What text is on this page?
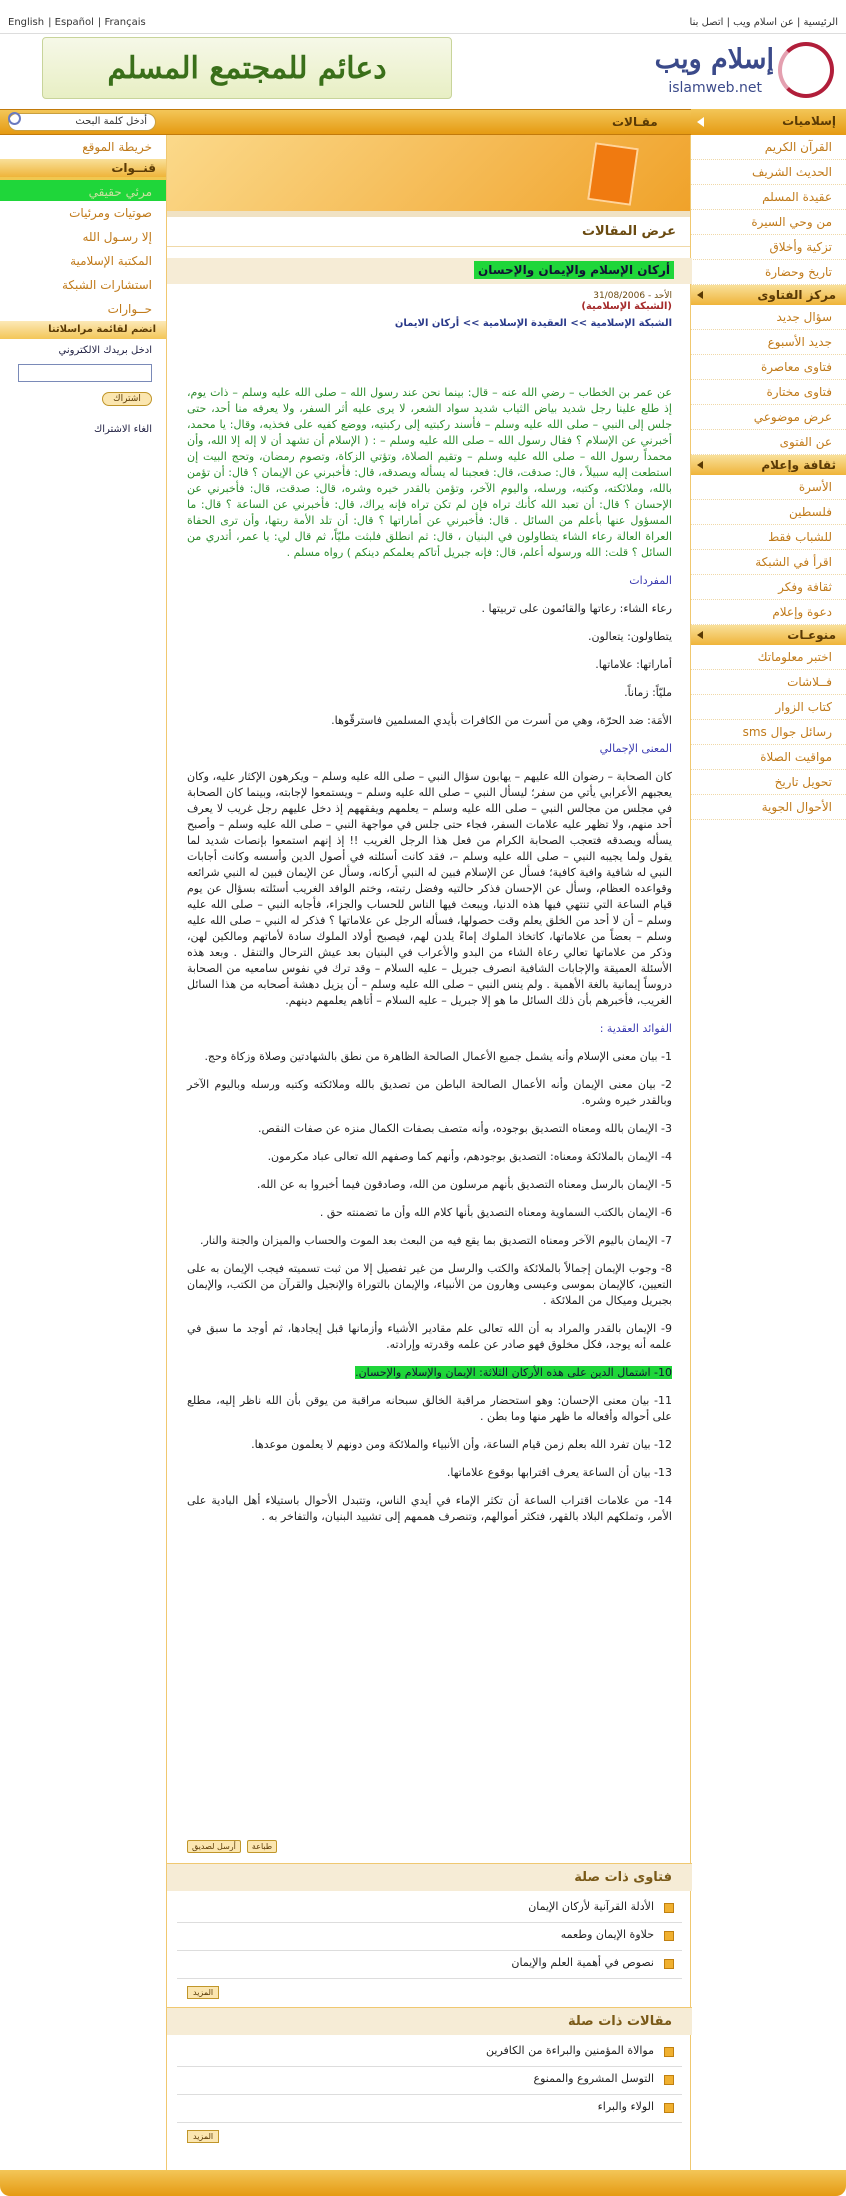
English | Español | Français	الرئيسية | عن اسلام ويب | اتصل بنا
دعائم للمجتمع المسلم	إسلام ويب
islamweb.net
أدخل كلمة البحث	مقـالات	إسلاميات
القرآن الكريم
الحديث الشريف
عقيدة المسلم
من وحي السيرة
تزكية وأخلاق
تاريخ وحضارة
مركز الفتاوى
سؤال جديد
جديد الأسبوع
فتاوى معاصرة
فتاوى مختارة
عرض موضوعي
عن الفتوى
ثقافة وإعلام
الأسرة
فلسطين
للشباب فقط
اقرأ في الشبكة
ثقافة وفكر
دعوة وإعلام
منوعـات
اختبر معلوماتك
فــلاشات
كتاب الزوار
رسائل جوال sms
مواقيت الصلاة
تحويل تاريخ
الأحوال الجوية
خريطة الموقع
قنــوات
مرئي حقيقي
صوتيات ومرئيات
إلا رسـول الله
المكتبة الإسلامية
استشارات الشبكة
حــوارات
انضم لقائمة مراسلاتنا
ادخل بريدك الالكتروني
اشتراك
الغاء الاشتراك
عرض المقالات
أركان الإسلام والإيمان والإحسان
الأحد - 31/08/2006
(الشبكة الإسلامية)
الشبكة الإسلامية >> العقيدة الإسلامية >> أركان الايمان

عن عمر بن الخطاب – رضي الله عنه – قال: بينما نحن عند رسول الله – صلى الله عليه وسلم – ذات يوم، إذ طلع علينا رجل شديد بياض الثياب شديد سواد الشعر، لا يرى عليه أثر السفر، ولا يعرفه منا أحد، حتى جلس إلى النبي – صلى الله عليه وسلم – فأسند ركبتيه إلى ركبتيه، ووضع كفيه على فخذيه، وقال: يا محمد، أخبرني عن الإسلام ؟ فقال رسول الله – صلى الله عليه وسلم – : ( الإسلام أن تشهد أن لا إله إلا الله، وأن محمداً رسول الله – صلى الله عليه وسلم – وتقيم الصلاة، وتؤتي الزكاة، وتصوم رمضان، وتحج البيت إن استطعت إليه سبيلاً ، قال: صدقت، قال: فعجبنا له يسأله ويصدقه، قال: فأخبرني عن الإيمان ؟ قال: أن تؤمن بالله، وملائكته، وكتبه، ورسله، واليوم الآخر، وتؤمن بالقدر خيره وشره، قال: صدقت، قال: فأخبرني عن الإحسان ؟ قال: أن تعبد الله كأنك تراه فإن لم تكن تراه فإنه يراك، قال: فأخبرني عن الساعة ؟ قال: ما المسؤول عنها بأعلم من السائل . قال: فأخبرني عن أماراتها ؟ قال: أن تلد الأمة ربتها، وأن ترى الحفاة العراة العالة رعاء الشاء يتطاولون في البنيان ، قال: ثم انطلق فلبثت مليّاً، ثم قال لي: يا عمر، أتدري من السائل ؟ قلت: الله ورسوله أعلم، قال: فإنه جبريل أتاكم يعلمكم دينكم ) رواه مسلم .

المفردات

رعاء الشاء: رعاتها والقائمون على تربيتها .

يتطاولون: يتعالون.

أماراتها: علاماتها.

مليّاً: زماناً.

الأمَة: ضد الحرّة، وهي من أسرت من الكافرات بأيدي المسلمين فاسترقّوها.

المعنى الإجمالي

كان الصحابة – رضوان الله عليهم – يهابون سؤال النبي – صلى الله عليه وسلم – ويكرهون الإكثار عليه، وكان يعجبهم الأعرابي يأتي من سفر؛ ليسأل النبي – صلى الله عليه وسلم – ويستمعوا لإجابته، وبينما كان الصحابة في مجلس من مجالس النبي – صلى الله عليه وسلم – يعلمهم ويفقههم إذ دخل عليهم رجل غريب لا يعرف أحد منهم، ولا تظهر عليه علامات السفر، فجاء حتى جلس في مواجهة النبي – صلى الله عليه وسلم – وأصبح يسأله ويصدقه فتعجب الصحابة الكرام من فعل هذا الرجل الغريب !! إذ إنهم استمعوا بإنصات شديد لما يقول ولما يجيبه النبي – صلى الله عليه وسلم –، فقد كانت أسئلته في أصول الدين وأسسه وكانت أجابات النبي له شافية وافية كافية؛ فسأل عن الإسلام فبين له النبي أركانه، وسأل عن الإيمان فبين له النبي شرائعه وقواعده العظام، وسأل عن الإحسان فذكر حالتيه وفضل رتبته، وختم الوافد الغريب أسئلته بسؤال عن يوم قيام الساعة التي تنتهي فيها هذه الدنيا، ويبعث فيها الناس للحساب والجزاء، فأجابه النبي – صلى الله عليه وسلم – أن لا أحد من الخلق يعلم وقت حصولها، فسأله الرجل عن علاماتها ؟ فذكر له النبي – صلى الله عليه وسلم – بعضاً من علاماتها، كاتخاذ الملوك إماءً يلدن لهم، فيصبح أولاد الملوك سادة لأماتهم ومالكين لهن، وذكر من علاماتها تعالي رعاة الشاء من البدو والأعراب في البنيان بعد عيش الترحال والتنقل . وبعد هذه الأسئلة العميقة والإجابات الشافية انصرف جبريل – عليه السلام – وقد ترك في نفوس سامعيه من الصحابة دروساً إيمانية بالغة الأهمية . ولم ينس النبي – صلى الله عليه وسلم – أن يزيل دهشة أصحابه من هذا السائل الغريب، فأخبرهم بأن ذلك السائل ما هو إلا جبريل – عليه السلام – أتاهم يعلمهم دينهم.

الفوائد العقدية :

1- بيان معنى الإسلام وأنه يشمل جميع الأعمال الصالحة الظاهرة من نطق بالشهادتين وصلاة وزكاة وحج.

2- بيان معنى الإيمان وأنه الأعمال الصالحة الباطن من تصديق بالله وملائكته وكتبه ورسله وباليوم الآخر وبالقدر خيره وشره.

3- الإيمان بالله ومعناه التصديق بوجوده، وأنه متصف بصفات الكمال منزه عن صفات النقص.

4- الإيمان بالملائكة ومعناه: التصديق بوجودهم، وأنهم كما وصفهم الله تعالى عباد مكرمون.

5- الإيمان بالرسل ومعناه التصديق بأنهم مرسلون من الله، وصادقون فيما أخبروا به عن الله.

6- الإيمان بالكتب السماوية ومعناه التصديق بأنها كلام الله وأن ما تضمنته حق .

7- الإيمان باليوم الآخر ومعناه التصديق بما يقع فيه من البعث بعد الموت والحساب والميزان والجنة والنار.

8- وجوب الإيمان إجمالاً بالملائكة والكتب والرسل من غير تفصيل إلا من ثبت تسميته فيجب الإيمان به على التعيين، كالإيمان بموسى وعيسى وهارون من الأنبياء، والإيمان بالتوراة والإنجيل والقرآن من الكتب، والإيمان بجبريل وميكال من الملائكة .

9- الإيمان بالقدر والمراد به أن الله تعالى علم مقادير الأشياء وأزمانها قبل إيجادها، ثم أوجد ما سبق في علمه أنه يوجد، فكل مخلوق فهو صادر عن علمه وقدرته وإرادته.

10- اشتمال الدين على هذه الأركان الثلاثة: الإيمان والإسلام والإحسان.

11- بيان معنى الإحسان: وهو استحضار مراقبة الخالق سبحانه مراقبة من يوقن بأن الله ناظر إليه، مطلع على أحواله وأفعاله ما ظهر منها وما بطن .

12- بيان تفرد الله بعلم زمن قيام الساعة، وأن الأنبياء والملائكة ومن دونهم لا يعلمون موعدها.

13- بيان أن الساعة يعرف اقترابها بوقوع علاماتها.

14- من علامات اقتراب الساعة أن تكثر الإماء في أيدي الناس، وتتبدل الأحوال باستيلاء أهل البادية على الأمر، وتملكهم البلاد بالقهر، فتكثر أموالهم، وتنصرف هممهم إلى تشييد البنيان، والتفاخر به .

أرسل لصديق	طباعة
فتاوى ذات صلة
الأدلة القرآنية لأركان الإيمان
حلاوة الإيمان وطعمه
نصوص في أهمية العلم والإيمان
المزيد
مقالات ذات صلة
موالاة المؤمنين والبراءة من الكافرين
التوسل المشروع والممنوع
الولاء والبراء
المزيد
